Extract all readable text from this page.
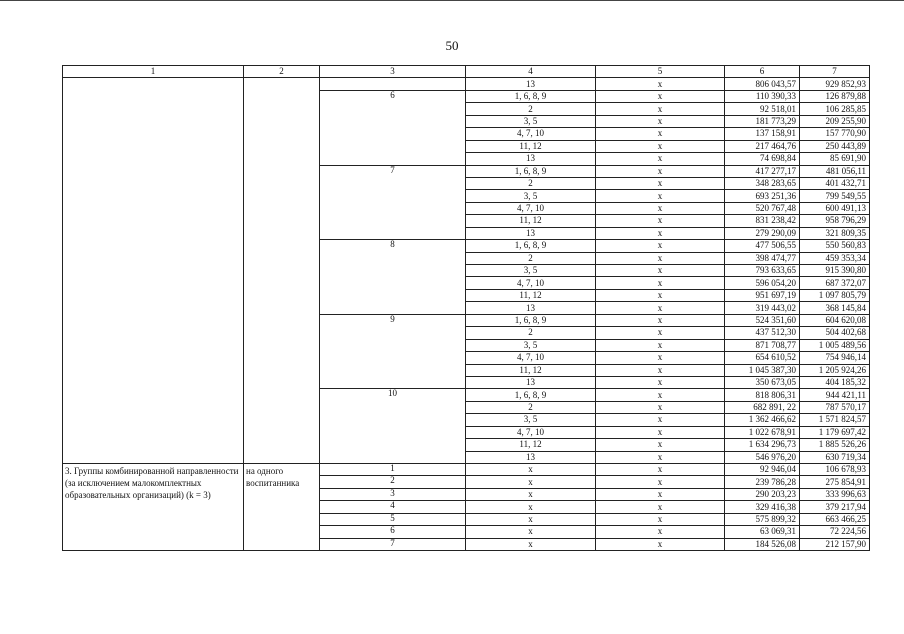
50
1	2	3	4	5	6	7
			13	x	806 043,57	929 852,93
		6	1, 6, 8, 9	x	110 390,33	126 879,88
			2	x	92 518,01	106 285,85
			3, 5	x	181 773,29	209 255,90
			4, 7, 10	x	137 158,91	157 770,90
			11, 12	x	217 464,76	250 443,89
			13	x	74 698,84	85 691,90
		7	1, 6, 8, 9	x	417 277,17	481 056,11
			2	x	348 283,65	401 432,71
			3, 5	x	693 251,36	799 549,55
			4, 7, 10	x	520 767,48	600 491,13
			11, 12	x	831 238,42	958 796,29
			13	x	279 290,09	321 809,35
		8	1, 6, 8, 9	x	477 506,55	550 560,83
			2	x	398 474,77	459 353,34
			3, 5	x	793 633,65	915 390,80
			4, 7, 10	x	596 054,20	687 372,07
			11, 12	x	951 697,19	1 097 805,79
			13	x	319 443,02	368 145,84
		9	1, 6, 8, 9	x	524 351,60	604 620,08
			2	x	437 512,30	504 402,68
			3, 5	x	871 708,77	1 005 489,56
			4, 7, 10	x	654 610,52	754 946,14
			11, 12	x	1 045 387,30	1 205 924,26
			13	x	350 673,05	404 185,32
		10	1, 6, 8, 9	x	818 806,31	944 421,11
			2	x	682 891, 22	787 570,17
			3, 5	x	1 362 466,62	1 571 824,57
			4, 7, 10	x	1 022 678,91	1 179 697,42
			11, 12	x	1 634 296,73	1 885 526,26
			13	x	546 976,20	630 719,34
3. Группы комбинированной направленности (за исключением малокомплектных образовательных организаций) (k = 3)	на одного воспитанника	1	x	x	92 946,04	106 678,93
		2	x	x	239 786,28	275 854,91
		3	x	x	290 203,23	333 996,63
		4	x	x	329 416,38	379 217,94
		5	x	x	575 899,32	663 466,25
		6	x	x	63 069,31	72 224,56
		7	x	x	184 526,08	212 157,90
